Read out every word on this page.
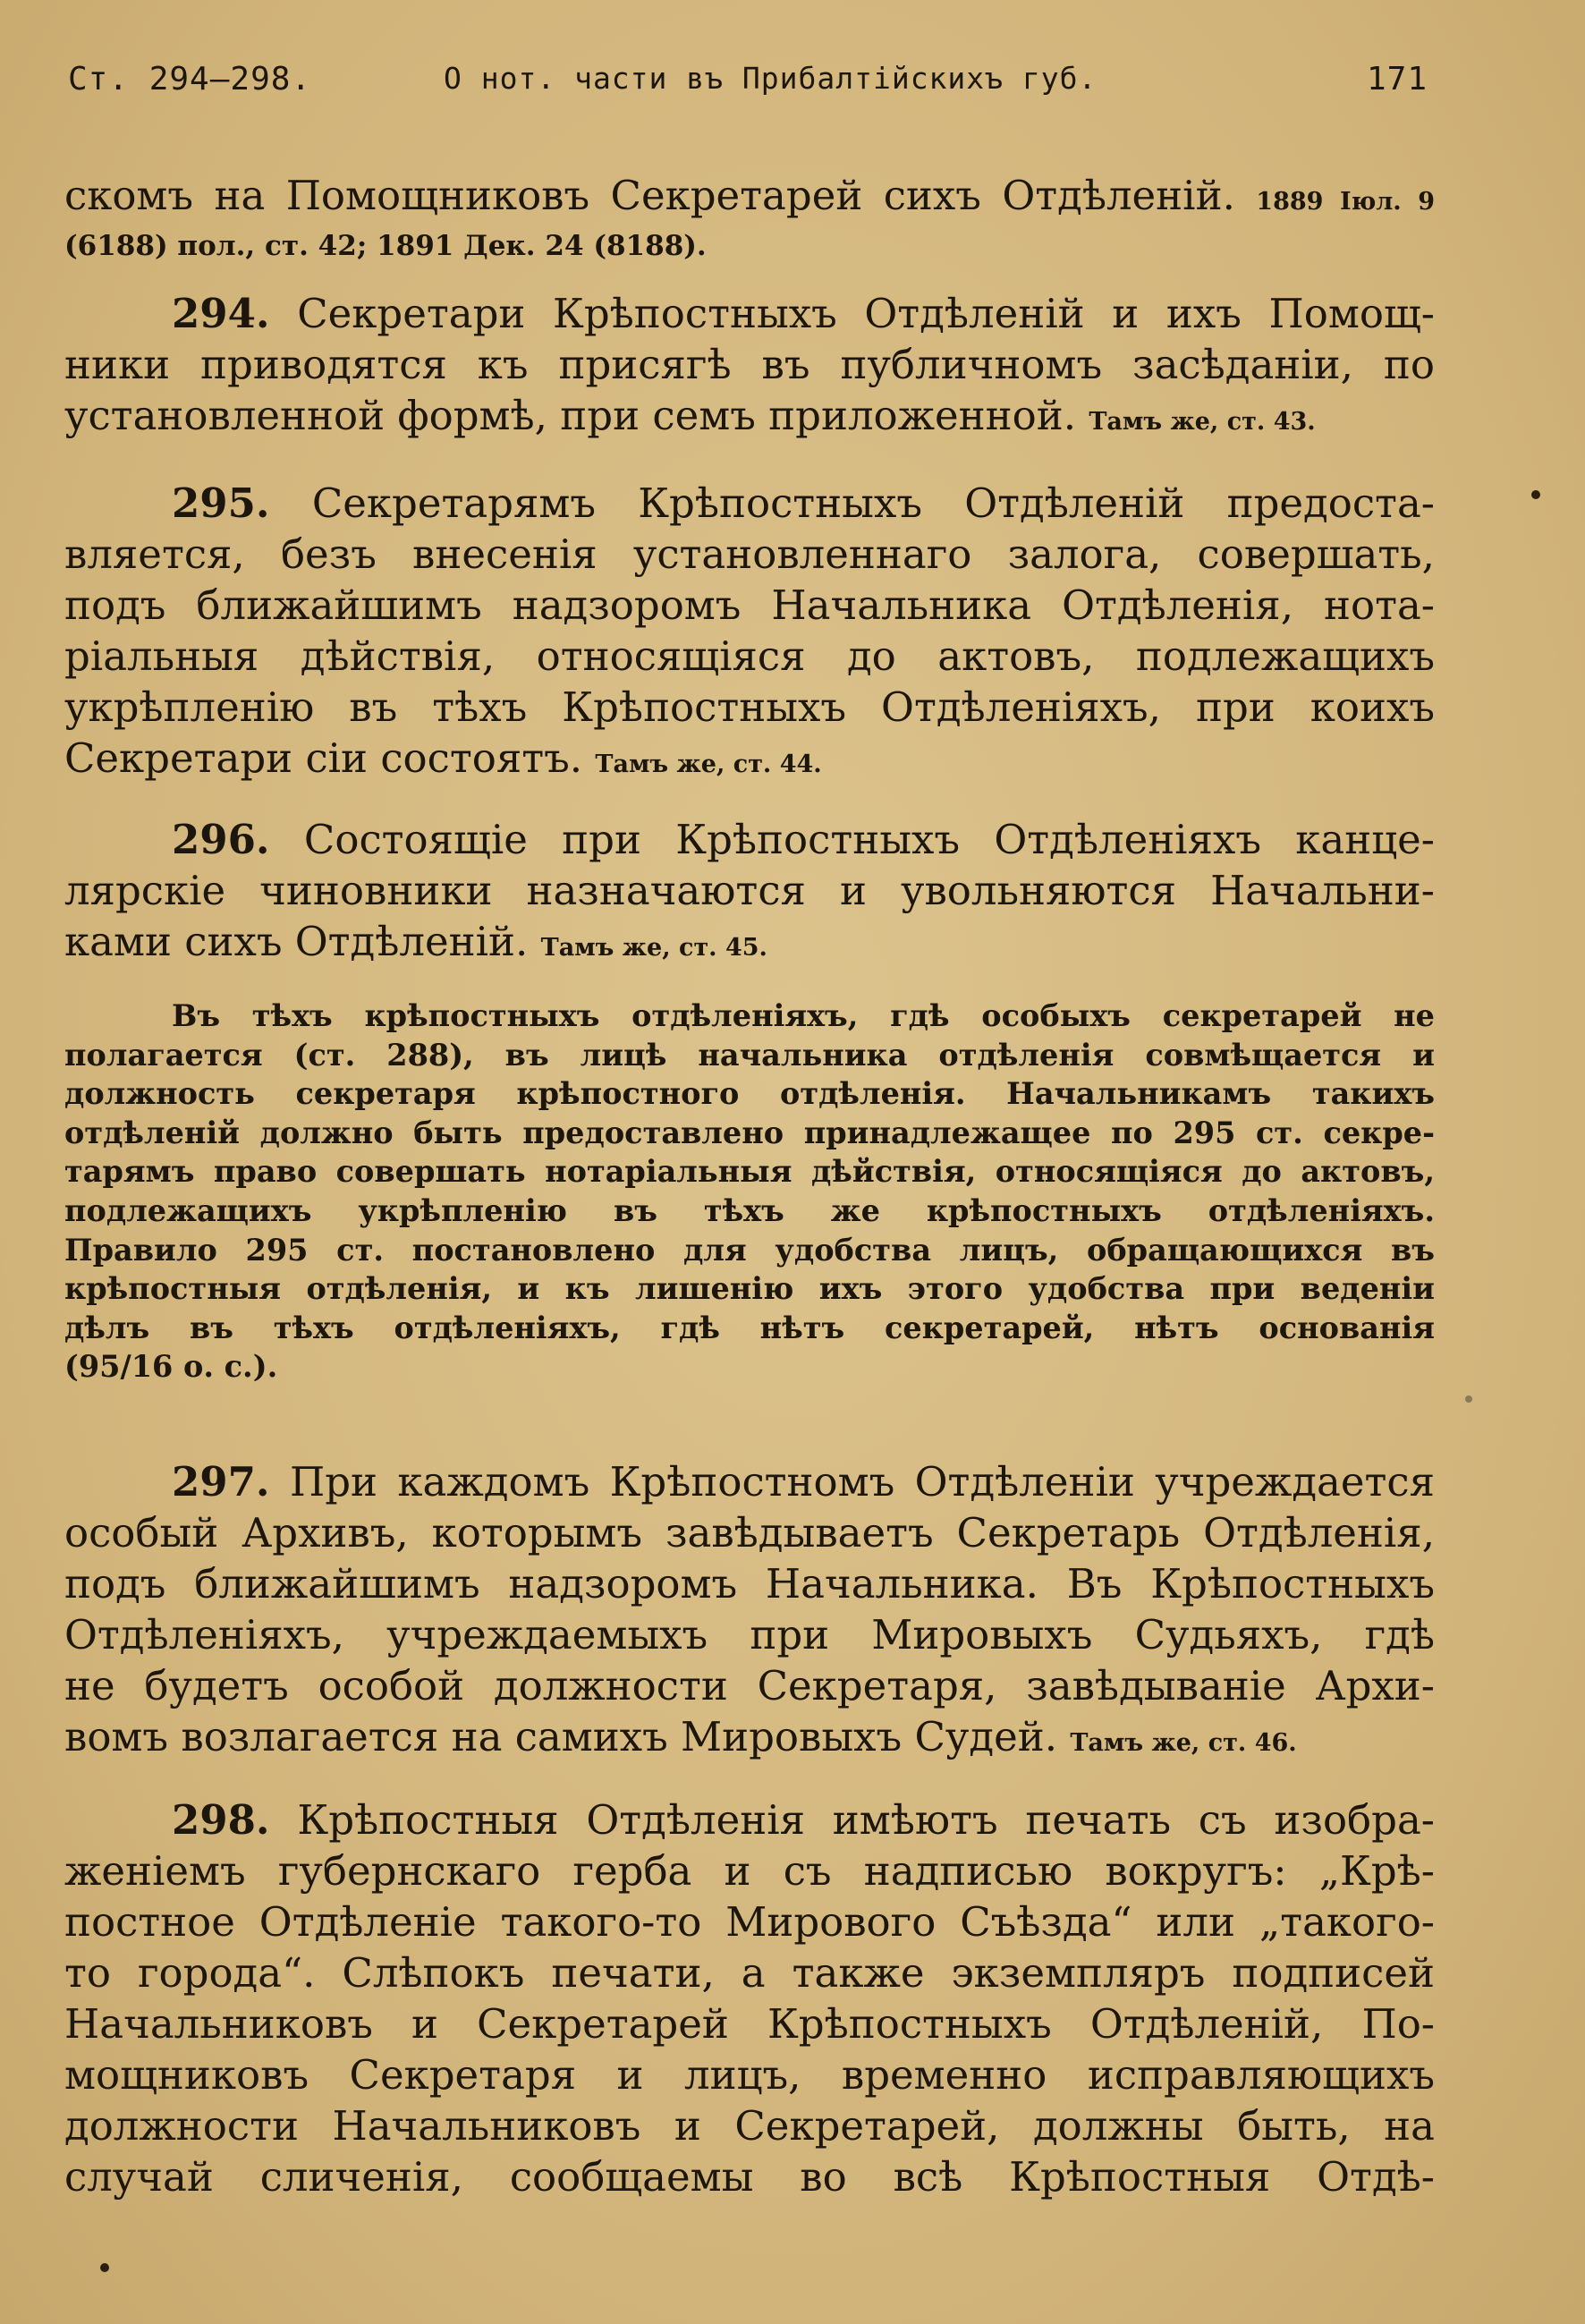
Ст. 294—298.	О нот. части въ Прибалтійскихъ губ.	171
скомъ на Помощниковъ Секретарей сихъ Отдѣленій. 1889 Іюл. 9
(6188) пол., ст. 42; 1891 Дек. 24 (8188).
294. Секретари Крѣпостныхъ Отдѣленій и ихъ Помощ-
ники приводятся къ присягѣ въ публичномъ засѣданіи, по
установленной формѣ, при семъ приложенной. Тамъ же, ст. 43.
295. Секретарямъ Крѣпостныхъ Отдѣленій предоста-
вляется, безъ внесенія установленнаго залога, совершать,
подъ ближайшимъ надзоромъ Начальника Отдѣленія, нота-
ріальныя дѣйствія, относящіяся до актовъ, подлежащихъ
укрѣпленію въ тѣхъ Крѣпостныхъ Отдѣленіяхъ, при коихъ
Секретари сіи состоятъ. Тамъ же, ст. 44.
296. Состоящіе при Крѣпостныхъ Отдѣленіяхъ канце-
лярскіе чиновники назначаются и увольняются Начальни-
ками сихъ Отдѣленій. Тамъ же, ст. 45.
Въ тѣхъ крѣпостныхъ отдѣленіяхъ, гдѣ особыхъ секретарей не
полагается (ст. 288), въ лицѣ начальника отдѣленія совмѣщается и
должность секретаря крѣпостного отдѣленія. Начальникамъ такихъ
отдѣленій должно быть предоставлено принадлежащее по 295 ст. секре-
тарямъ право совершать нотаріальныя дѣйствія, относящіяся до актовъ,
подлежащихъ укрѣпленію въ тѣхъ же крѣпостныхъ отдѣленіяхъ.
Правило 295 ст. постановлено для удобства лицъ, обращающихся въ
крѣпостныя отдѣленія, и къ лишенію ихъ этого удобства при веденіи
дѣлъ въ тѣхъ отдѣленіяхъ, гдѣ нѣтъ секретарей, нѣтъ основанія
(95/16 о. с.).
297. При каждомъ Крѣпостномъ Отдѣленіи учреждается
особый Архивъ, которымъ завѣдываетъ Секретарь Отдѣленія,
подъ ближайшимъ надзоромъ Начальника. Въ Крѣпостныхъ
Отдѣленіяхъ, учреждаемыхъ при Мировыхъ Судьяхъ, гдѣ
не будетъ особой должности Секретаря, завѣдываніе Архи-
вомъ возлагается на самихъ Мировыхъ Судей. Тамъ же, ст. 46.
298. Крѣпостныя Отдѣленія имѣютъ печать съ изобра-
женіемъ губернскаго герба и съ надписью вокругъ: „Крѣ-
постное Отдѣленіе такого-то Мирового Съѣзда“ или „такого-
то города“. Слѣпокъ печати, а также экземпляръ подписей
Начальниковъ и Секретарей Крѣпостныхъ Отдѣленій, По-
мощниковъ Секретаря и лицъ, временно исправляющихъ
должности Начальниковъ и Секретарей, должны быть, на
случай сличенія, сообщаемы во всѣ Крѣпостныя Отдѣ-
